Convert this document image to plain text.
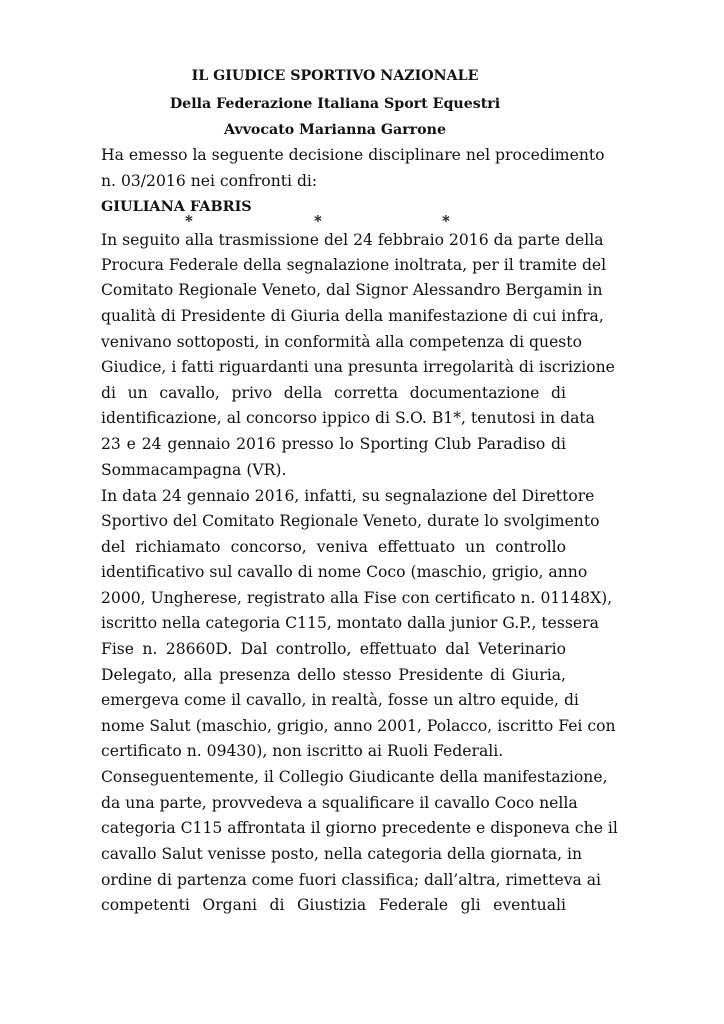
IL GIUDICE SPORTIVO NAZIONALE
Della Federazione Italiana Sport Equestri
Avvocato Marianna Garrone
Ha emesso la seguente decisione disciplinare nel procedimento
n. 03/2016 nei confronti di:
GIULIANA FABRIS
*	*	*
In seguito alla trasmissione del 24 febbraio 2016 da parte della
Procura Federale della segnalazione inoltrata, per il tramite del
Comitato Regionale Veneto, dal Signor Alessandro Bergamin in
qualità di Presidente di Giuria della manifestazione di cui infra,
venivano sottoposti, in conformità alla competenza di questo
Giudice, i fatti riguardanti una presunta irregolarità di iscrizione
di un cavallo, privo della corretta documentazione di
identificazione, al concorso ippico di S.O. B1*, tenutosi in data
23 e 24 gennaio 2016 presso lo Sporting Club Paradiso di
Sommacampagna (VR).
In data 24 gennaio 2016, infatti, su segnalazione del Direttore
Sportivo del Comitato Regionale Veneto, durate lo svolgimento
del richiamato concorso, veniva effettuato un controllo
identificativo sul cavallo di nome Coco (maschio, grigio, anno
2000, Ungherese, registrato alla Fise con certificato n. 01148X),
iscritto nella categoria C115, montato dalla junior G.P., tessera
Fise n. 28660D. Dal controllo, effettuato dal Veterinario
Delegato, alla presenza dello stesso Presidente di Giuria,
emergeva come il cavallo, in realtà, fosse un altro equide, di
nome Salut (maschio, grigio, anno 2001, Polacco, iscritto Fei con
certificato n. 09430), non iscritto ai Ruoli Federali.
Conseguentemente, il Collegio Giudicante della manifestazione,
da una parte, provvedeva a squalificare il cavallo Coco nella
categoria C115 affrontata il giorno precedente e disponeva che il
cavallo Salut venisse posto, nella categoria della giornata, in
ordine di partenza come fuori classifica; dall’altra, rimetteva ai
competenti Organi di Giustizia Federale gli eventuali
